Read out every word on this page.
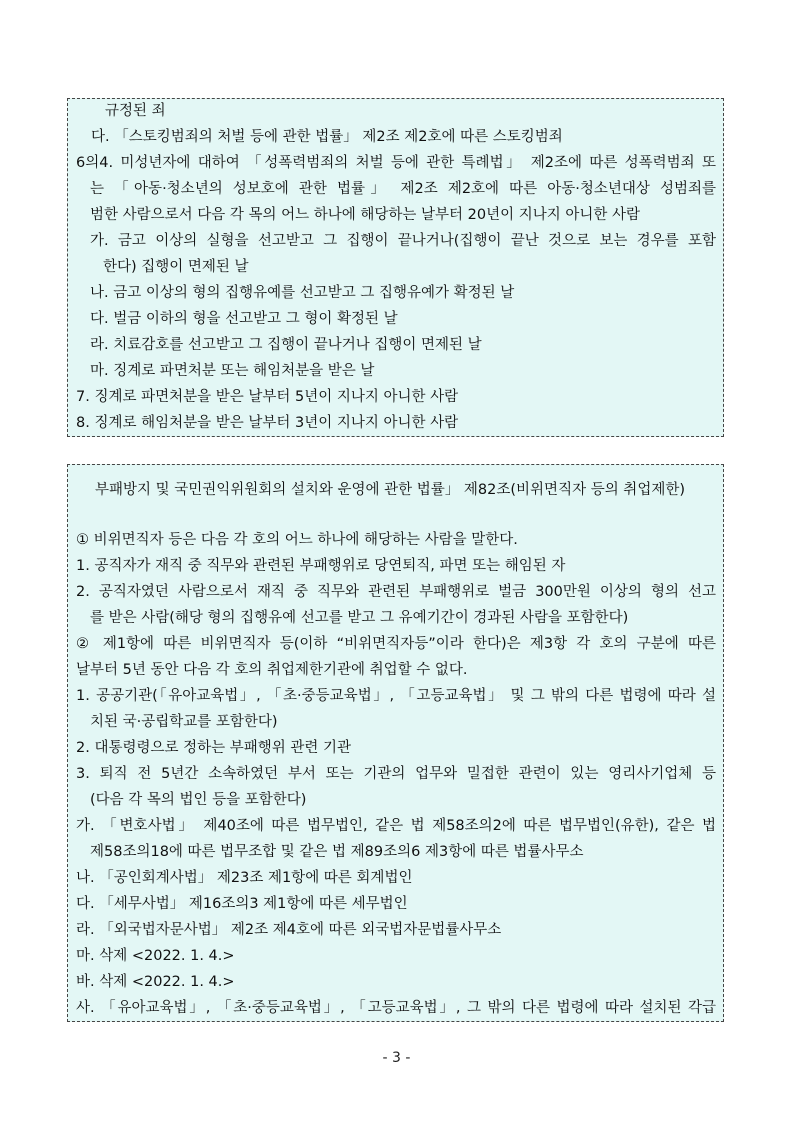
규정된 죄
다. 「스토킹범죄의 처벌 등에 관한 법률」 제2조 제2호에 따른 스토킹범죄
6의4. 미성년자에 대하여 「성폭력범죄의 처벌 등에 관한 특례법」 제2조에 따른 성폭력범죄 또
는 「아동·청소년의 성보호에 관한 법률」 제2조 제2호에 따른 아동·청소년대상 성범죄를
범한 사람으로서 다음 각 목의 어느 하나에 해당하는 날부터 20년이 지나지 아니한 사람
가. 금고 이상의 실형을 선고받고 그 집행이 끝나거나(집행이 끝난 것으로 보는 경우를 포함
한다) 집행이 면제된 날
나. 금고 이상의 형의 집행유예를 선고받고 그 집행유예가 확정된 날
다. 벌금 이하의 형을 선고받고 그 형이 확정된 날
라. 치료감호를 선고받고 그 집행이 끝나거나 집행이 면제된 날
마. 징계로 파면처분 또는 해임처분을 받은 날
7. 징계로 파면처분을 받은 날부터 5년이 지나지 아니한 사람
8. 징계로 해임처분을 받은 날부터 3년이 지나지 아니한 사람
부패방지 및 국민권익위원회의 설치와 운영에 관한 법률」 제82조(비위면직자 등의 취업제한)
① 비위면직자 등은 다음 각 호의 어느 하나에 해당하는 사람을 말한다.
1. 공직자가 재직 중 직무와 관련된 부패행위로 당연퇴직, 파면 또는 해임된 자
2. 공직자였던 사람으로서 재직 중 직무와 관련된 부패행위로 벌금 300만원 이상의 형의 선고
를 받은 사람(해당 형의 집행유예 선고를 받고 그 유예기간이 경과된 사람을 포함한다)
② 제1항에 따른 비위면직자 등(이하 “비위면직자등”이라 한다)은 제3항 각 호의 구분에 따른
날부터 5년 동안 다음 각 호의 취업제한기관에 취업할 수 없다.
1. 공공기관(「유아교육법」, 「초·중등교육법」, 「고등교육법」 및 그 밖의 다른 법령에 따라 설
치된 국·공립학교를 포함한다)
2. 대통령령으로 정하는 부패행위 관련 기관
3. 퇴직 전 5년간 소속하였던 부서 또는 기관의 업무와 밀접한 관련이 있는 영리사기업체 등
(다음 각 목의 법인 등을 포함한다)
가. 「변호사법」 제40조에 따른 법무법인, 같은 법 제58조의2에 따른 법무법인(유한), 같은 법
제58조의18에 따른 법무조합 및 같은 법 제89조의6 제3항에 따른 법률사무소
나. 「공인회계사법」 제23조 제1항에 따른 회계법인
다. 「세무사법」 제16조의3 제1항에 따른 세무법인
라. 「외국법자문사법」 제2조 제4호에 따른 외국법자문법률사무소
마. 삭제 <2022. 1. 4.>
바. 삭제 <2022. 1. 4.>
사. 「유아교육법」, 「초·중등교육법」, 「고등교육법」, 그 밖의 다른 법령에 따라 설치된 각급
- 3 -
